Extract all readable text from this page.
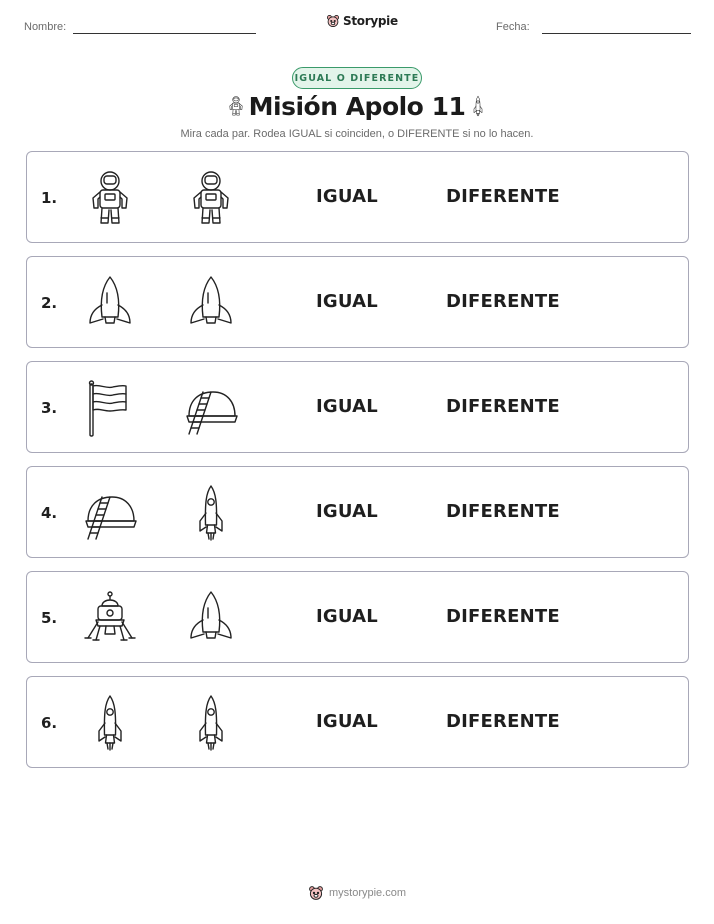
Nombre:	Storypie	Fecha:
IGUAL O DIFERENTE
Misión Apolo 11
Mira cada par. Rodea IGUAL si coinciden, o DIFERENTE si no lo hacen.
1.	IGUAL	DIFERENTE
2.	IGUAL	DIFERENTE
3.	IGUAL	DIFERENTE
4.	IGUAL	DIFERENTE
5.	IGUAL	DIFERENTE
6.	IGUAL	DIFERENTE
mystorypie.com
